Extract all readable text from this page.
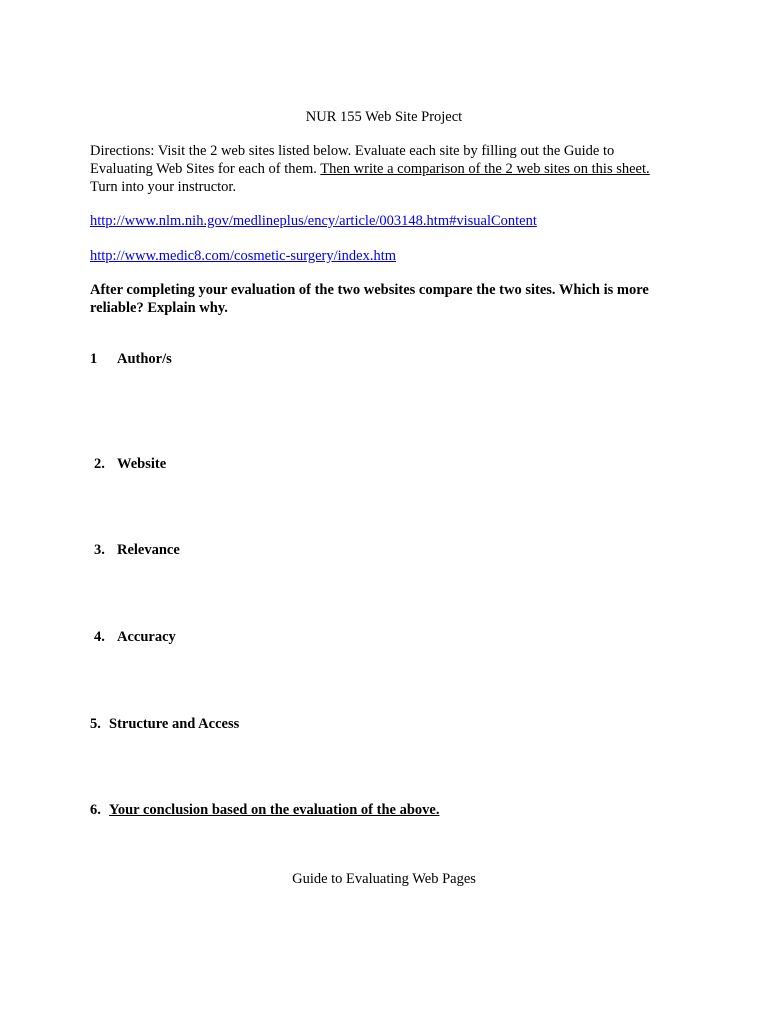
NUR 155 Web Site Project
Directions: Visit the 2 web sites listed below. Evaluate each site by filling out the Guide to
Evaluating Web Sites for each of them. Then write a comparison of the 2 web sites on this sheet.
Turn into your instructor.
http://www.nlm.nih.gov/medlineplus/ency/article/003148.htm#visualContent
http://www.medic8.com/cosmetic-surgery/index.htm
After completing your evaluation of the two websites compare the two sites. Which is more
reliable? Explain why.
1 Author/s
2. Website
3. Relevance
4. Accuracy
5. Structure and Access
6. Your conclusion based on the evaluation of the above.
Guide to Evaluating Web Pages
